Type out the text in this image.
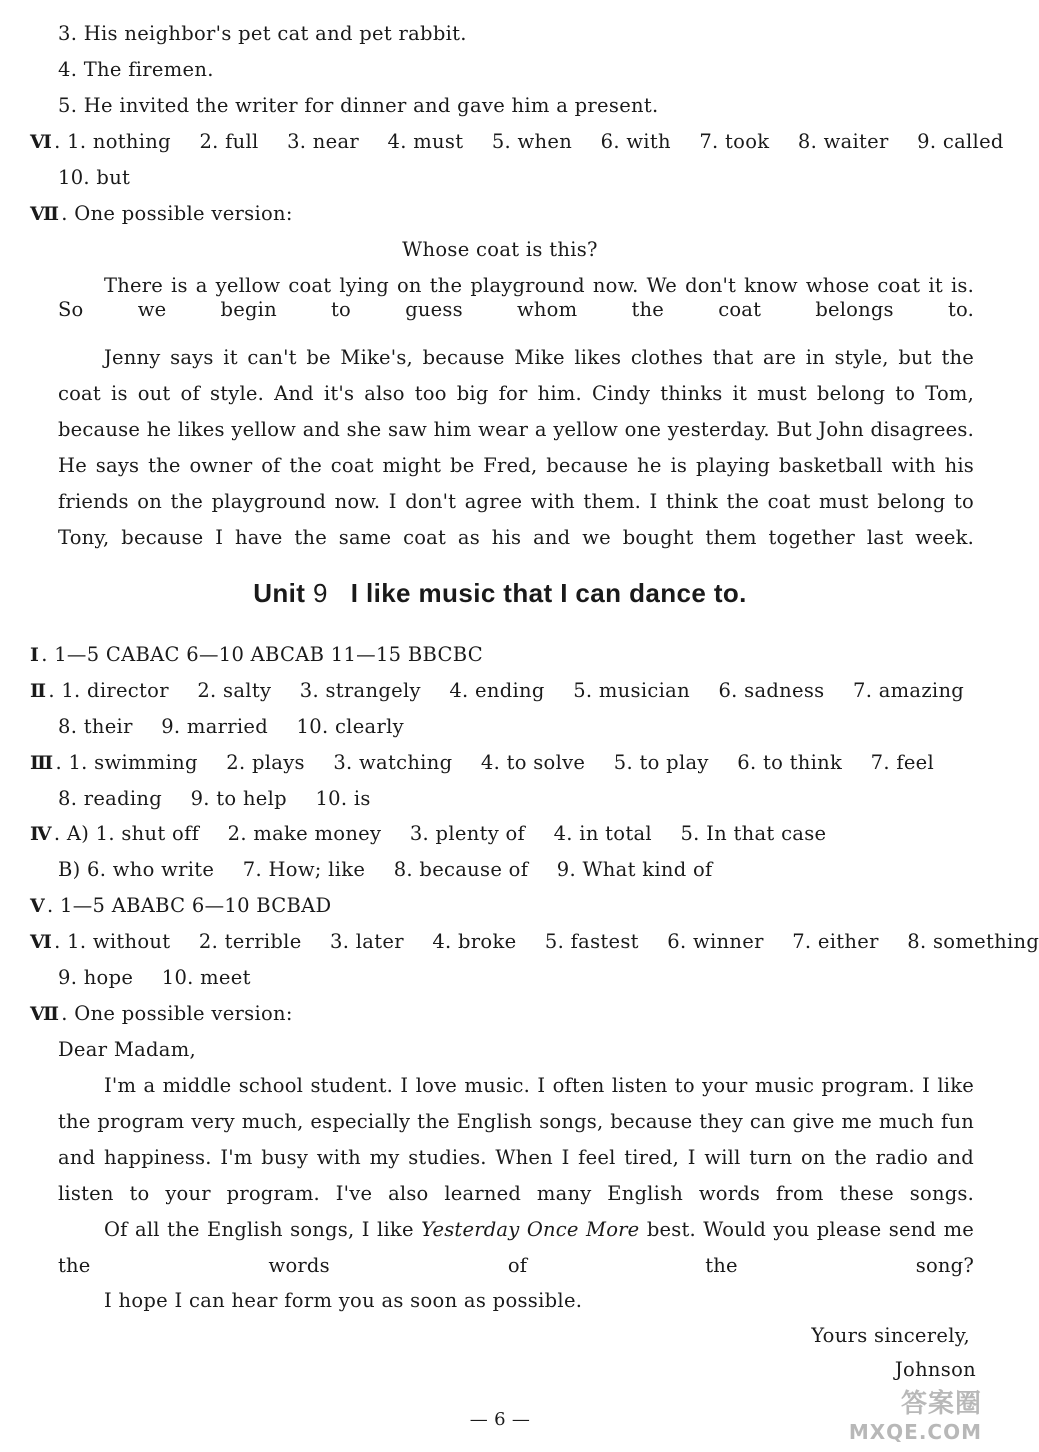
3. His neighbor's pet cat and pet rabbit.
4. The firemen.
5. He invited the writer for dinner and gave him a present.
Ⅵ . 1. nothing 2. full 3. near 4. must 5. when 6. with 7. took 8. waiter 9. called
10. but
Ⅶ . One possible version:
Whose coat is this?
There is a yellow coat lying on the playground now. We don't know whose coat it is. So we begin to guess whom the coat belongs to.
Jenny says it can't be Mike's, because Mike likes clothes that are in style, but the coat is out of style. And it's also too big for him. Cindy thinks it must belong to Tom, because he likes yellow and she saw him wear a yellow one yesterday. But John disagrees. He says the owner of the coat might be Fred, because he is playing basketball with his friends on the playground now. I don't agree with them. I think the coat must belong to Tony, because I have the same coat as his and we bought them together last week.
Unit 9 I like music that I can dance to.
Ⅰ . 1—5 CABAC 6—10 ABCAB 11—15 BBCBC
Ⅱ . 1. director 2. salty 3. strangely 4. ending 5. musician 6. sadness 7. amazing
8. their 9. married 10. clearly
Ⅲ . 1. swimming 2. plays 3. watching 4. to solve 5. to play 6. to think 7. feel
8. reading 9. to help 10. is
Ⅳ . A) 1. shut off 2. make money 3. plenty of 4. in total 5. In that case
B) 6. who write 7. How; like 8. because of 9. What kind of
Ⅴ . 1—5 ABABC 6—10 BCBAD
Ⅵ . 1. without 2. terrible 3. later 4. broke 5. fastest 6. winner 7. either 8. something
9. hope 10. meet
Ⅶ . One possible version:
Dear Madam,
I'm a middle school student. I love music. I often listen to your music program. I like the program very much, especially the English songs, because they can give me much fun and happiness. I'm busy with my studies. When I feel tired, I will turn on the radio and listen to your program. I've also learned many English words from these songs.
Of all the English songs, I like Yesterday Once More best. Would you please send me the words of the song?
I hope I can hear form you as soon as possible.
Yours sincerely,
Johnson
— 6 —
答案圈
MXQE.COM
